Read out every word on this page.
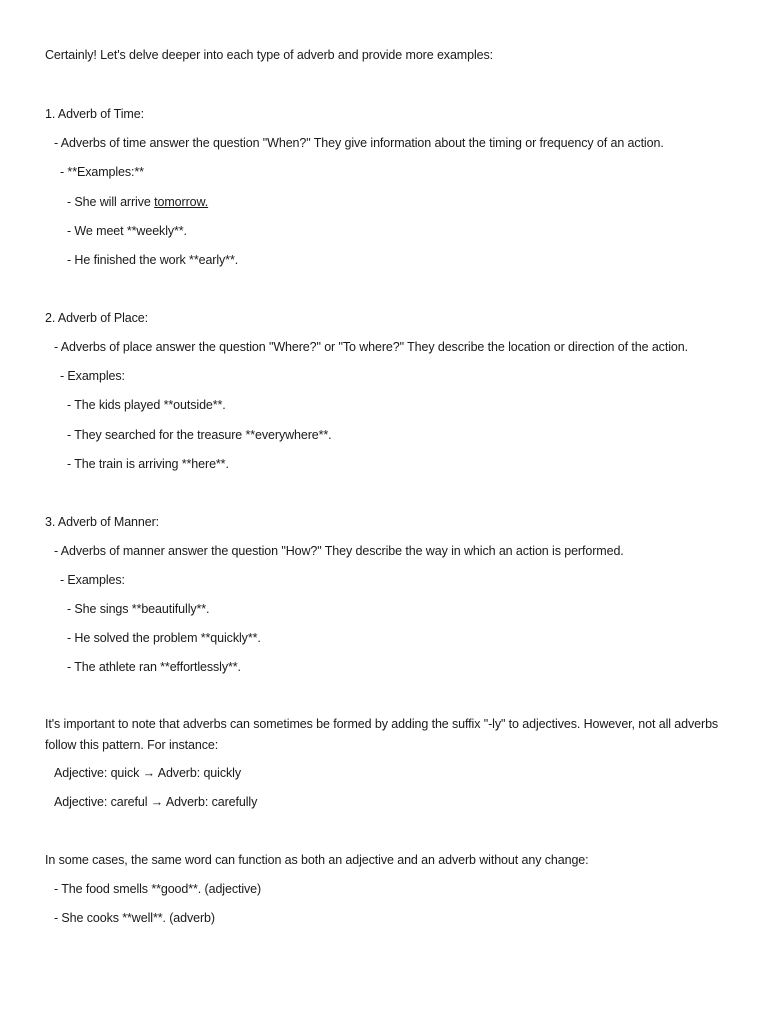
Certainly! Let's delve deeper into each type of adverb and provide more examples:
1. Adverb of Time:
- Adverbs of time answer the question "When?" They give information about the timing or frequency of an action.
- **Examples:**
- She will arrive tomorrow.
- We meet **weekly**.
- He finished the work **early**.
2. Adverb of Place:
- Adverbs of place answer the question "Where?" or "To where?" They describe the location or direction of the action.
- Examples:
- The kids played **outside**.
- They searched for the treasure **everywhere**.
- The train is arriving **here**.
3. Adverb of Manner:
- Adverbs of manner answer the question "How?" They describe the way in which an action is performed.
- Examples:
- She sings **beautifully**.
- He solved the problem **quickly**.
- The athlete ran **effortlessly**.
It's important to note that adverbs can sometimes be formed by adding the suffix "-ly" to adjectives. However, not all adverbs follow this pattern. For instance:
Adjective: quick → Adverb: quickly
Adjective: careful → Adverb: carefully
In some cases, the same word can function as both an adjective and an adverb without any change:
- The food smells **good**. (adjective)
- She cooks **well**. (adverb)
